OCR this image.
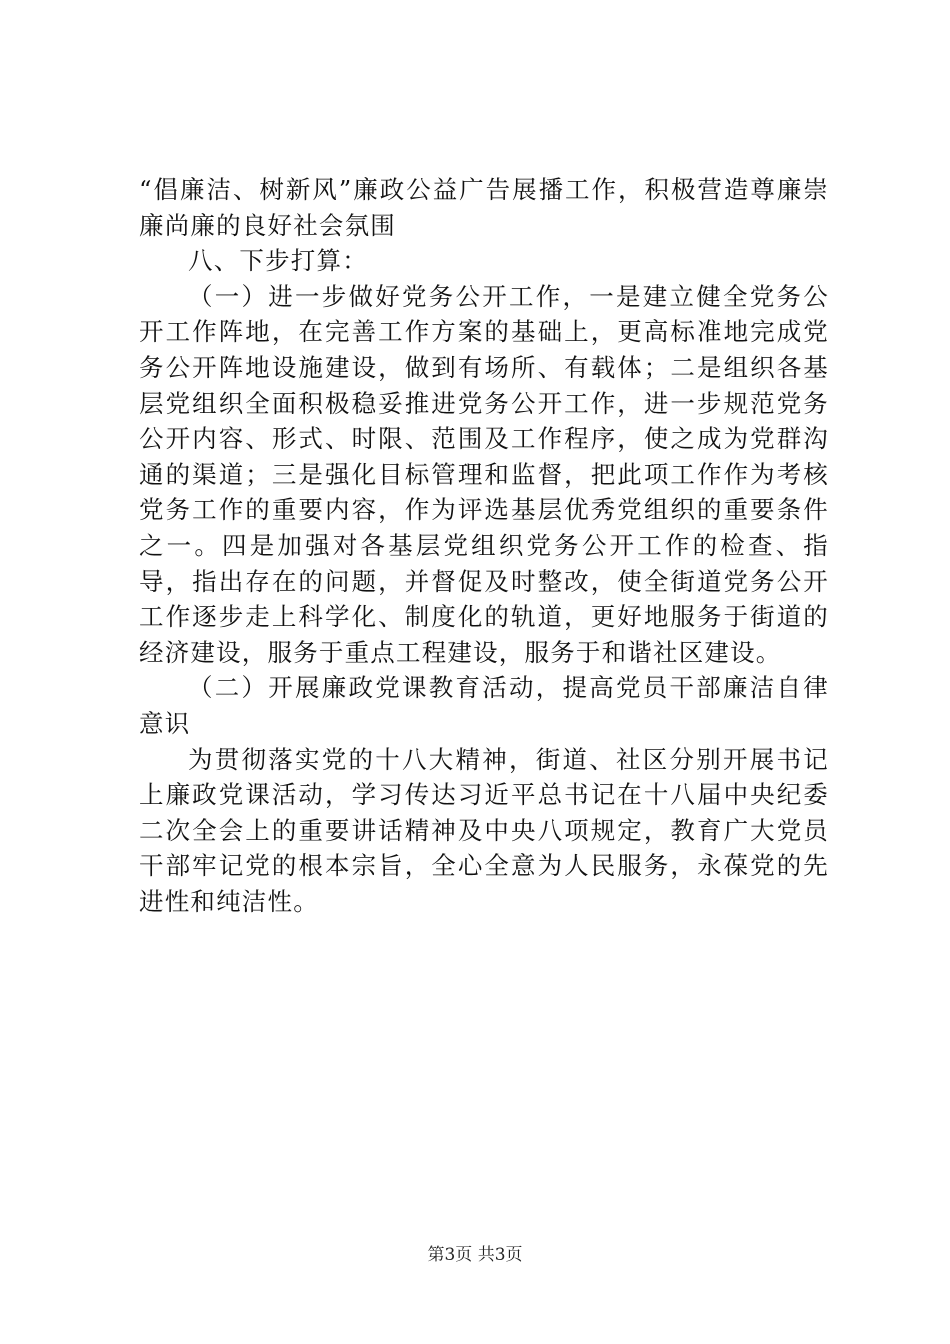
“倡廉洁、树新风”廉政公益广告展播工作，积极营造尊廉崇廉尚廉的良好社会氛围

八、下步打算：

（一）进一步做好党务公开工作，一是建立健全党务公开工作阵地，在完善工作方案的基础上，更高标准地完成党务公开阵地设施建设，做到有场所、有载体；二是组织各基层党组织全面积极稳妥推进党务公开工作，进一步规范党务公开内容、形式、时限、范围及工作程序，使之成为党群沟通的渠道；三是强化目标管理和监督，把此项工作作为考核党务工作的重要内容，作为评选基层优秀党组织的重要条件之一。四是加强对各基层党组织党务公开工作的检查、指导，指出存在的问题，并督促及时整改，使全街道党务公开工作逐步走上科学化、制度化的轨道，更好地服务于街道的经济建设，服务于重点工程建设，服务于和谐社区建设。

（二）开展廉政党课教育活动，提高党员干部廉洁自律意识

为贯彻落实党的十八大精神，街道、社区分别开展书记上廉政党课活动，学习传达习近平总书记在十八届中央纪委二次全会上的重要讲话精神及中央八项规定，教育广大党员干部牢记党的根本宗旨，全心全意为人民服务，永葆党的先进性和纯洁性。

第3页 共3页
